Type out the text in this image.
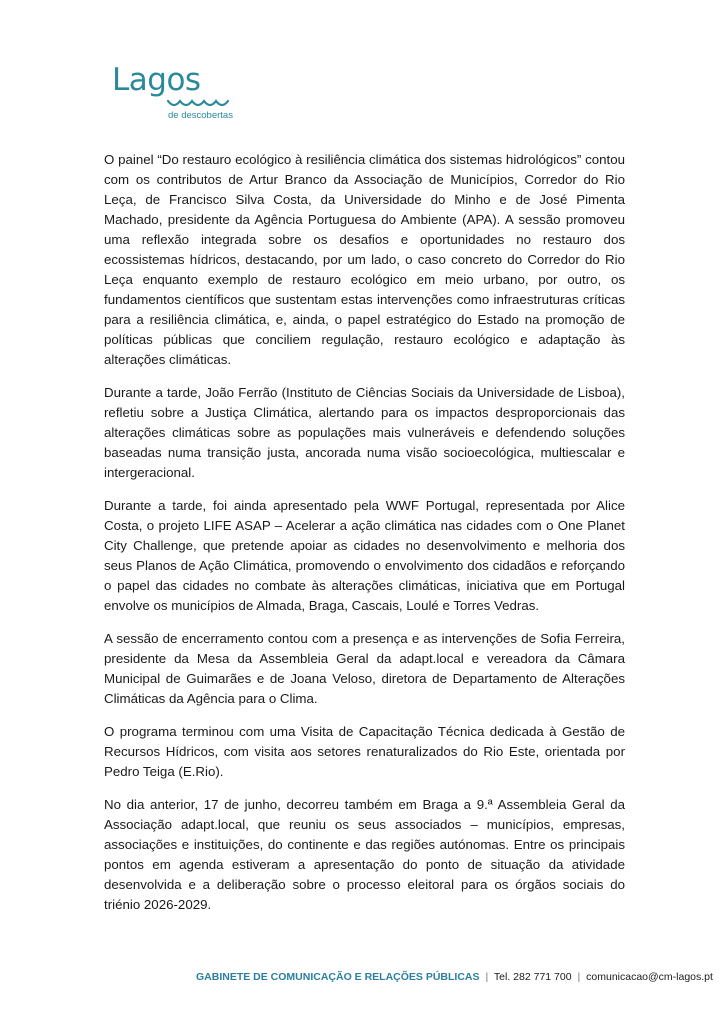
Lagos
de descobertas

O painel “Do restauro ecológico à resiliência climática dos sistemas hidrológicos” contou com os contributos de Artur Branco da Associação de Municípios, Corredor do Rio Leça, de Francisco Silva Costa, da Universidade do Minho e de José Pimenta Machado, presidente da Agência Portuguesa do Ambiente (APA). A sessão promoveu uma reflexão integrada sobre os desafios e oportunidades no restauro dos ecossistemas hídricos, destacando, por um lado, o caso concreto do Corredor do Rio Leça enquanto exemplo de restauro ecológico em meio urbano, por outro, os fundamentos científicos que sustentam estas intervenções como infraestruturas críticas para a resiliência climática, e, ainda, o papel estratégico do Estado na promoção de políticas públicas que conciliem regulação, restauro ecológico e adaptação às alterações climáticas.

Durante a tarde, João Ferrão (Instituto de Ciências Sociais da Universidade de Lisboa), refletiu sobre a Justiça Climática, alertando para os impactos desproporcionais das alterações climáticas sobre as populações mais vulneráveis e defendendo soluções baseadas numa transição justa, ancorada numa visão socioecológica, multiescalar e intergeracional.

Durante a tarde, foi ainda apresentado pela WWF Portugal, representada por Alice Costa, o projeto LIFE ASAP – Acelerar a ação climática nas cidades com o One Planet City Challenge, que pretende apoiar as cidades no desenvolvimento e melhoria dos seus Planos de Ação Climática, promovendo o envolvimento dos cidadãos e reforçando o papel das cidades no combate às alterações climáticas, iniciativa que em Portugal envolve os municípios de Almada, Braga, Cascais, Loulé e Torres Vedras.

A sessão de encerramento contou com a presença e as intervenções de Sofia Ferreira, presidente da Mesa da Assembleia Geral da adapt.local e vereadora da Câmara Municipal de Guimarães e de Joana Veloso, diretora de Departamento de Alterações Climáticas da Agência para o Clima.

O programa terminou com uma Visita de Capacitação Técnica dedicada à Gestão de Recursos Hídricos, com visita aos setores renaturalizados do Rio Este, orientada por Pedro Teiga (E.Rio).

No dia anterior, 17 de junho, decorreu também em Braga a 9.ª Assembleia Geral da Associação adapt.local, que reuniu os seus associados – municípios, empresas, associações e instituições, do continente e das regiões autónomas. Entre os principais pontos em agenda estiveram a apresentação do ponto de situação da atividade desenvolvida e a deliberação sobre o processo eleitoral para os órgãos sociais do triénio 2026-2029.

GABINETE DE COMUNICAÇÃO E RELAÇÕES PÚBLICAS | Tel. 282 771 700 | comunicacao@cm-lagos.pt
